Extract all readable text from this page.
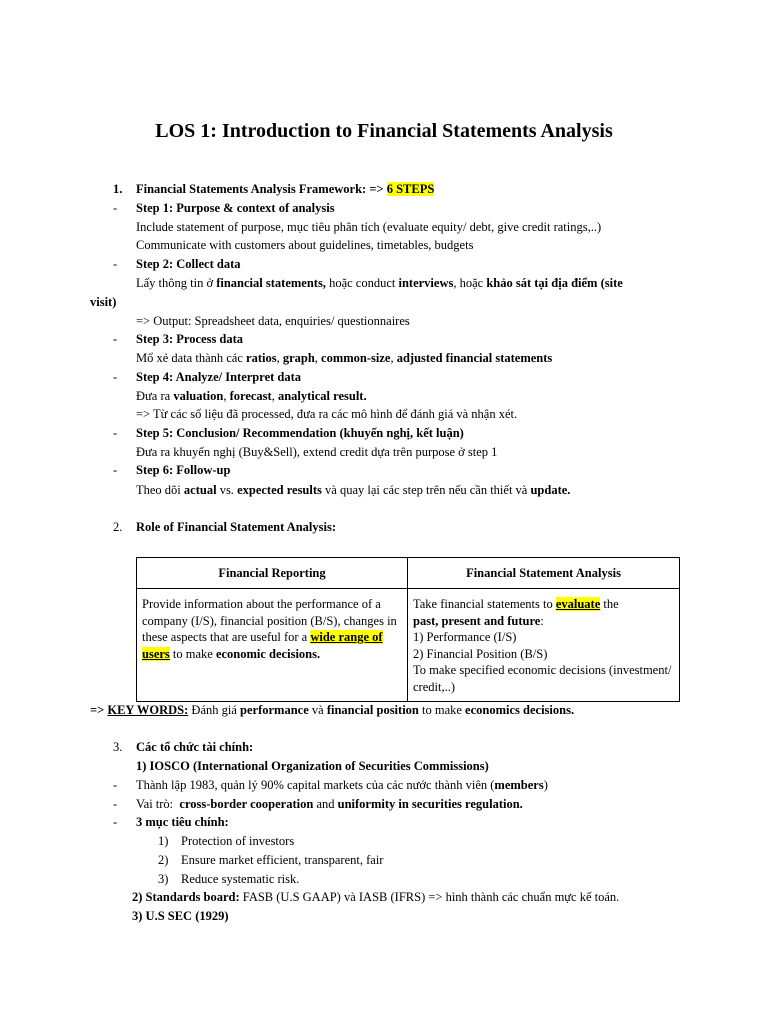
LOS 1: Introduction to Financial Statements Analysis
1. Financial Statements Analysis Framework: => 6 STEPS
- Step 1: Purpose & context of analysis
Include statement of purpose, mục tiêu phân tích (evaluate equity/ debt, give credit ratings,..)
Communicate with customers about guidelines, timetables, budgets
- Step 2: Collect data
Lấy thông tin ở financial statements, hoặc conduct interviews, hoặc khảo sát tại địa điểm (site
visit)
=> Output: Spreadsheet data, enquiries/ questionnaires
- Step 3: Process data
Mổ xẻ data thành các ratios, graph, common-size, adjusted financial statements
- Step 4: Analyze/ Interpret data
Đưa ra valuation, forecast, analytical result.
=> Từ các số liệu đã processed, đưa ra các mô hình để đánh giá và nhận xét.
- Step 5: Conclusion/ Recommendation (khuyến nghị, kết luận)
Đưa ra khuyến nghị (Buy&Sell), extend credit dựa trên purpose ở step 1
- Step 6: Follow-up
Theo dõi actual vs. expected results và quay lại các step trên nếu cần thiết và update.
2. Role of Financial Statement Analysis:
Financial Reporting	Financial Statement Analysis
Provide information about the performance of a company (I/S), financial position (B/S), changes in these aspects that are useful for a wide range of users to make economic decisions.	Take financial statements to evaluate the
past, present and future:
1) Performance (I/S)
2) Financial Position (B/S)
To make specified economic decisions (investment/ credit,..)
=> KEY WORDS: Đánh giá performance và financial position to make economics decisions.
3. Các tổ chức tài chính:
1) IOSCO (International Organization of Securities Commissions)
- Thành lập 1983, quản lý 90% capital markets của các nước thành viên (members)
- Vai trò:  cross-border cooperation and uniformity in securities regulation.
- 3 mục tiêu chính:
1) Protection of investors
2) Ensure market efficient, transparent, fair
3) Reduce systematic risk.
2) Standards board: FASB (U.S GAAP) và IASB (IFRS) => hình thành các chuẩn mực kế toán.
3) U.S SEC (1929)
